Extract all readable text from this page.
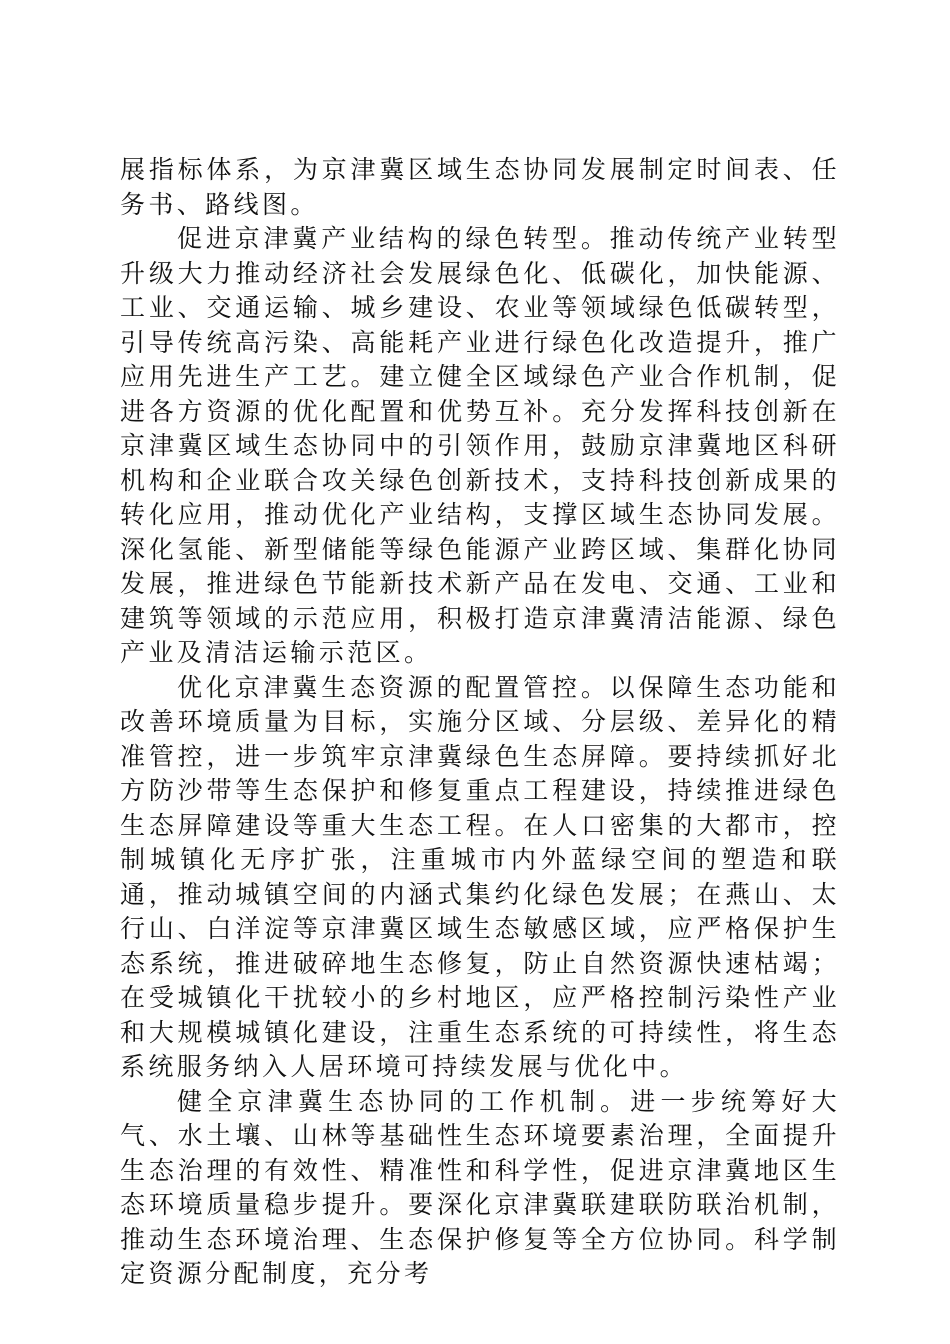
展指标体系，为京津冀区域生态协同发展制定时间表、任务书、路线图。

促进京津冀产业结构的绿色转型。推动传统产业转型升级大力推动经济社会发展绿色化、低碳化，加快能源、工业、交通运输、城乡建设、农业等领域绿色低碳转型，引导传统高污染、高能耗产业进行绿色化改造提升，推广应用先进生产工艺。建立健全区域绿色产业合作机制，促进各方资源的优化配置和优势互补。充分发挥科技创新在京津冀区域生态协同中的引领作用，鼓励京津冀地区科研机构和企业联合攻关绿色创新技术，支持科技创新成果的转化应用，推动优化产业结构，支撑区域生态协同发展。深化氢能、新型储能等绿色能源产业跨区域、集群化协同发展，推进绿色节能新技术新产品在发电、交通、工业和建筑等领域的示范应用，积极打造京津冀清洁能源、绿色产业及清洁运输示范区。

优化京津冀生态资源的配置管控。以保障生态功能和改善环境质量为目标，实施分区域、分层级、差异化的精准管控，进一步筑牢京津冀绿色生态屏障。要持续抓好北方防沙带等生态保护和修复重点工程建设，持续推进绿色生态屏障建设等重大生态工程。在人口密集的大都市，控制城镇化无序扩张，注重城市内外蓝绿空间的塑造和联通，推动城镇空间的内涵式集约化绿色发展；在燕山、太行山、白洋淀等京津冀区域生态敏感区域，应严格保护生态系统，推进破碎地生态修复，防止自然资源快速枯竭；在受城镇化干扰较小的乡村地区，应严格控制污染性产业和大规模城镇化建设，注重生态系统的可持续性，将生态系统服务纳入人居环境可持续发展与优化中。

健全京津冀生态协同的工作机制。进一步统筹好大气、水土壤、山林等基础性生态环境要素治理，全面提升生态治理的有效性、精准性和科学性，促进京津冀地区生态环境质量稳步提升。要深化京津冀联建联防联治机制，推动生态环境治理、生态保护修复等全方位协同。科学制定资源分配制度，充分考
